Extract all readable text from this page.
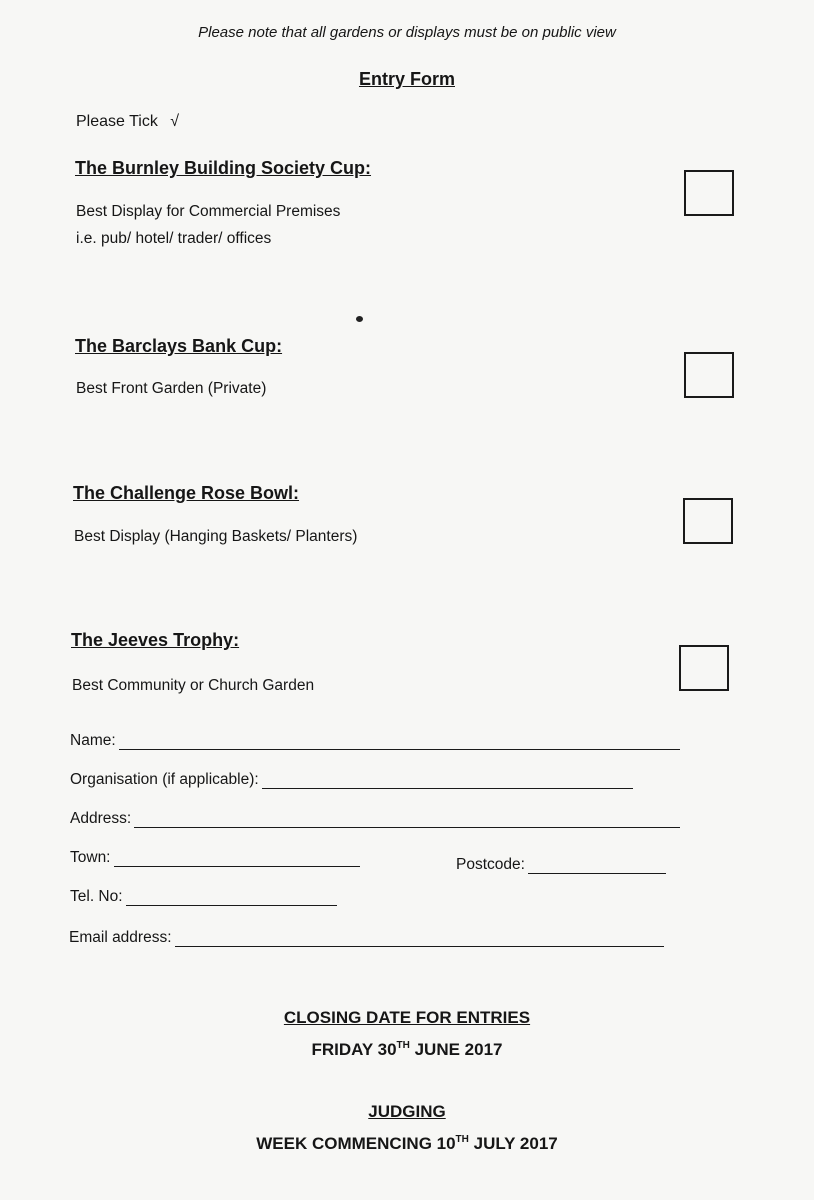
Please note that all gardens or displays must be on public view
Entry Form
Please Tick √
The Burnley Building Society Cup:
Best Display for Commercial Premises
i.e. pub/ hotel/ trader/ offices
The Barclays Bank Cup:
Best Front Garden (Private)
The Challenge Rose Bowl:
Best Display (Hanging Baskets/ Planters)
The Jeeves Trophy:
Best Community or Church Garden
Name:
Organisation (if applicable):
Address:
Town:	Postcode:
Tel. No:
Email address:
CLOSING DATE FOR ENTRIES
FRIDAY 30TH JUNE 2017
JUDGING
WEEK COMMENCING 10TH JULY 2017
